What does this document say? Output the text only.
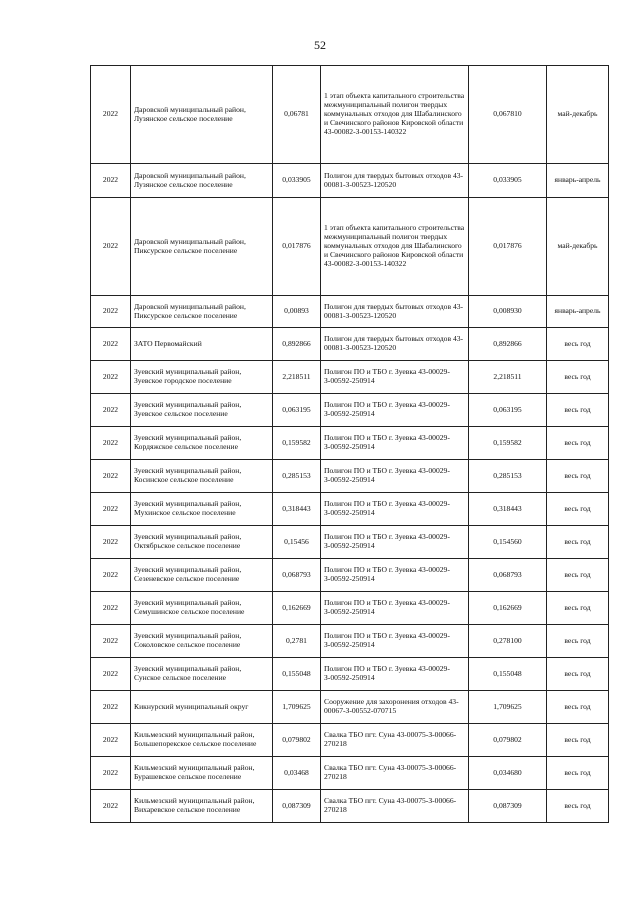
52
2022	Даровской муниципальный район, Лузянское сельское поселение	0,06781	1 этап объекта капитального строительства межмуниципальный полигон твердых коммунальных отходов для Шабалинского и Свечинского районов Кировской области 43-00082-З-00153-140322	0,067810	май-декабрь
2022	Даровской муниципальный район, Лузянское сельское поселение	0,033905	Полигон для твердых бытовых отходов 43-00081-З-00523-120520	0,033905	январь-апрель
2022	Даровской муниципальный район, Пиксурское сельское поселение	0,017876	1 этап объекта капитального строительства межмуниципальный полигон твердых коммунальных отходов для Шабалинского и Свечинского районов Кировской области 43-00082-З-00153-140322	0,017876	май-декабрь
2022	Даровской муниципальный район, Пиксурское сельское поселение	0,00893	Полигон для твердых бытовых отходов 43-00081-З-00523-120520	0,008930	январь-апрель
2022	ЗАТО Первомайский	0,892866	Полигон для твердых бытовых отходов 43-00081-З-00523-120520	0,892866	весь год
2022	Зуевский муниципальный район, Зуевское городское поселение	2,218511	Полигон ПО и ТБО г. Зуевка 43-00029-З-00592-250914	2,218511	весь год
2022	Зуевский муниципальный район, Зуевское сельское поселение	0,063195	Полигон ПО и ТБО г. Зуевка 43-00029-З-00592-250914	0,063195	весь год
2022	Зуевский муниципальный район, Кордяжское сельское поселение	0,159582	Полигон ПО и ТБО г. Зуевка 43-00029-З-00592-250914	0,159582	весь год
2022	Зуевский муниципальный район, Косинское сельское поселение	0,285153	Полигон ПО и ТБО г. Зуевка 43-00029-З-00592-250914	0,285153	весь год
2022	Зуевский муниципальный район, Мухинское сельское поселение	0,318443	Полигон ПО и ТБО г. Зуевка 43-00029-З-00592-250914	0,318443	весь год
2022	Зуевский муниципальный район, Октябрьское сельское поселение	0,15456	Полигон ПО и ТБО г. Зуевка 43-00029-З-00592-250914	0,154560	весь год
2022	Зуевский муниципальный район, Сезеневское сельское поселение	0,068793	Полигон ПО и ТБО г. Зуевка 43-00029-З-00592-250914	0,068793	весь год
2022	Зуевский муниципальный район, Семушинское сельское поселение	0,162669	Полигон ПО и ТБО г. Зуевка 43-00029-З-00592-250914	0,162669	весь год
2022	Зуевский муниципальный район, Соколовское сельское поселение	0,2781	Полигон ПО и ТБО г. Зуевка 43-00029-З-00592-250914	0,278100	весь год
2022	Зуевский муниципальный район, Сунское сельское поселение	0,155048	Полигон ПО и ТБО г. Зуевка 43-00029-З-00592-250914	0,155048	весь год
2022	Кикнурский муниципальный округ	1,709625	Сооружение для захоронения отходов 43-00067-З-00552-070715	1,709625	весь год
2022	Кильмезский муниципальный район, Большепорекское сельское поселение	0,079802	Свалка ТБО пгт. Суна 43-00075-З-00066-270218	0,079802	весь год
2022	Кильмезский муниципальный район, Бурашевское сельское поселение	0,03468	Свалка ТБО пгт. Суна 43-00075-З-00066-270218	0,034680	весь год
2022	Кильмезский муниципальный район, Вихаревское сельское поселение	0,087309	Свалка ТБО пгт. Суна 43-00075-З-00066-270218	0,087309	весь год
